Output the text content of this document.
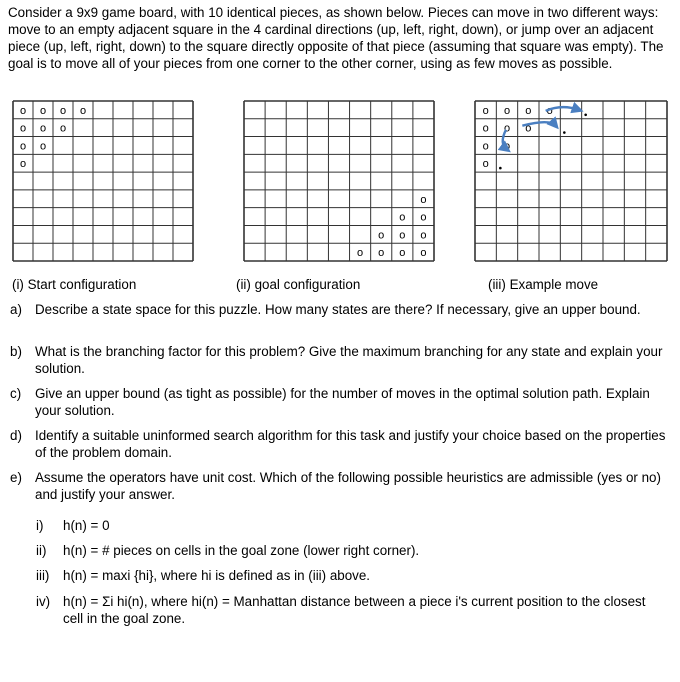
Consider a 9x9 game board, with 10 identical pieces, as shown below. Pieces can move in two different ways: move to an empty adjacent square in the 4 cardinal directions (up, left, right, down), or jump over an adjacent piece (up, left, right, down) to the square directly opposite of that piece (assuming that square was empty). The goal is to move all of your pieces from one corner to the other corner, using as few moves as possible.

o o o o
o o o
o o
o
o
o o
o o o
o o o o
o o o o
o o o
o o
o
(i) Start configuration	(ii) goal configuration	(iii) Example move
a) Describe a state space for this puzzle. How many states are there? If necessary, give an upper bound.
b) What is the branching factor for this problem? Give the maximum branching for any state and explain your solution.
c) Give an upper bound (as tight as possible) for the number of moves in the optimal solution path. Explain your solution.
d) Identify a suitable uninformed search algorithm for this task and justify your choice based on the properties of the problem domain.
e) Assume the operators have unit cost. Which of the following possible heuristics are admissible (yes or no) and justify your answer.
i) h(n) = 0
ii) h(n) = # pieces on cells in the goal zone (lower right corner).
iii) h(n) = maxi {hi}, where hi is defined as in (iii) above.
iv) h(n) = Σi hi(n), where hi(n) = Manhattan distance between a piece i's current position to the closest cell in the goal zone.
